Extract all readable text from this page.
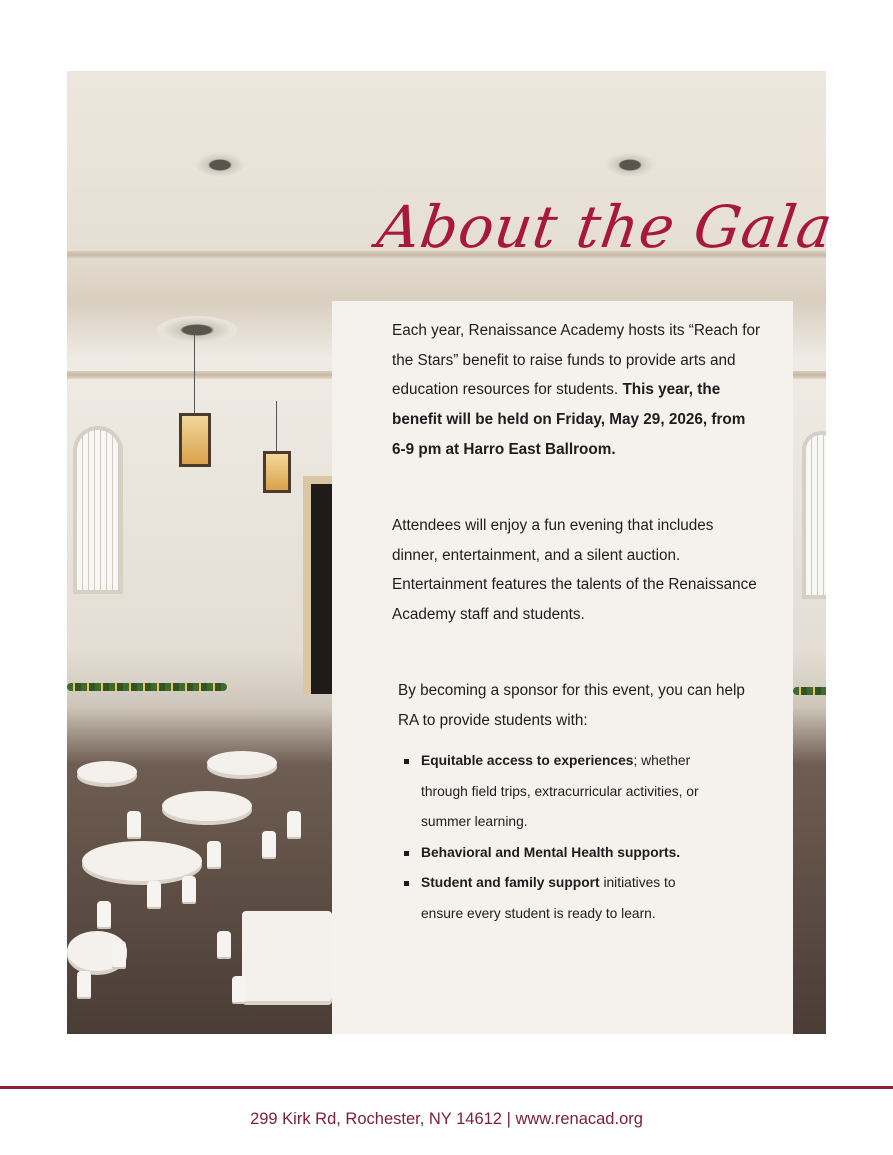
About the Gala

Each year, Renaissance Academy hosts its “Reach for the Stars” benefit to raise funds to provide arts and education resources for students. This year, the benefit will be held on Friday, May 29, 2026, from 6-9 pm at Harro East Ballroom.

Attendees will enjoy a fun evening that includes dinner, entertainment, and a silent auction. Entertainment features the talents of the Renaissance Academy staff and students.

By becoming a sponsor for this event, you can help RA to provide students with:

Equitable access to experiences; whether through field trips, extracurricular activities, or summer learning.
Behavioral and Mental Health supports.
Student and family support initiatives to ensure every student is ready to learn.
299 Kirk Rd, Rochester, NY 14612 | www.renacad.org
